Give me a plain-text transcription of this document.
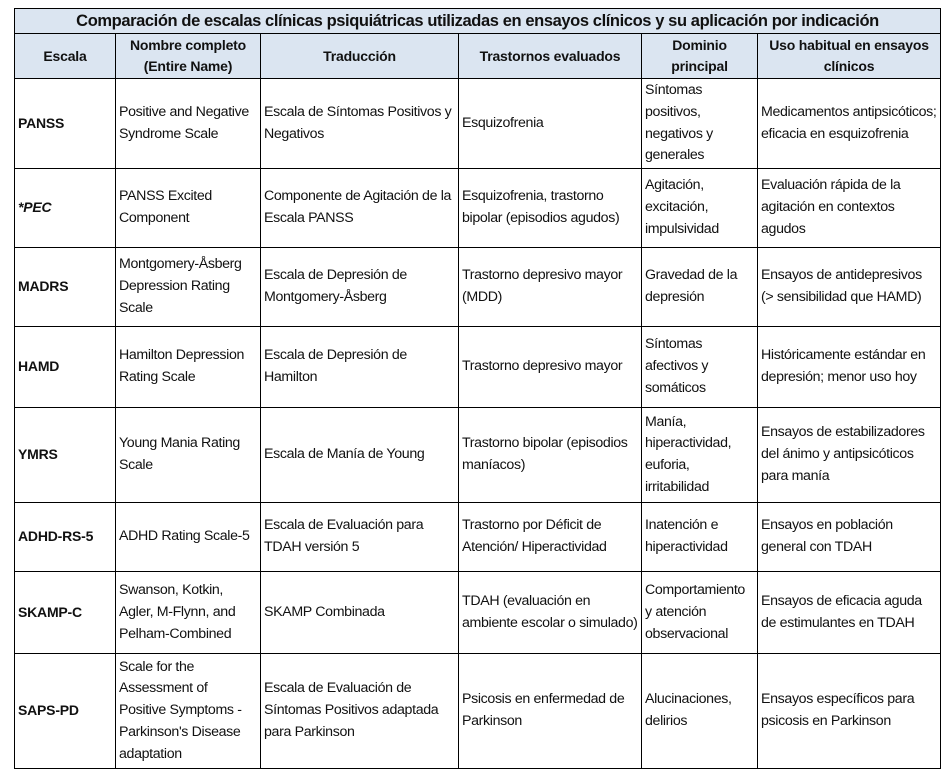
Comparación de escalas clínicas psiquiátricas utilizadas en ensayos clínicos y su aplicación por indicación					
Escala	Nombre completo (Entire Name)	Traducción	Trastornos evaluados	Dominio principal	Uso habitual en ensayos clínicos
PANSS	Positive and Negative Syndrome Scale	Escala de Síntomas Positivos y Negativos	Esquizofrenia	Síntomas positivos, negativos y generales	Medicamentos antipsicóticos; eficacia en esquizofrenia
*PEC	PANSS Excited Component	Componente de Agitación de la Escala PANSS	Esquizofrenia, trastorno bipolar (episodios agudos)	Agitación, excitación, impulsividad	Evaluación rápida de la agitación en contextos agudos
MADRS	Montgomery-Åsberg Depression Rating Scale	Escala de Depresión de Montgomery-Åsberg	Trastorno depresivo mayor (MDD)	Gravedad de la depresión	Ensayos de antidepresivos (> sensibilidad que HAMD)
HAMD	Hamilton Depression Rating Scale	Escala de Depresión de Hamilton	Trastorno depresivo mayor	Síntomas afectivos y somáticos	Históricamente estándar en depresión; menor uso hoy
YMRS	Young Mania Rating Scale	Escala de Manía de Young	Trastorno bipolar (episodios maníacos)	Manía, hiperactividad, euforia, irritabilidad	Ensayos de estabilizadores del ánimo y antipsicóticos para manía
ADHD-RS-5	ADHD Rating Scale-5	Escala de Evaluación para TDAH versión 5	Trastorno por Déficit de Atención/ Hiperactividad	Inatención e hiperactividad	Ensayos en población general con TDAH
SKAMP-C	Swanson, Kotkin, Agler, M-Flynn, and Pelham-Combined	SKAMP Combinada	TDAH (evaluación en ambiente escolar o simulado)	Comportamiento y atención observacional	Ensayos de eficacia aguda de estimulantes en TDAH
SAPS-PD	Scale for the Assessment of Positive Symptoms - Parkinson's Disease adaptation	Escala de Evaluación de Síntomas Positivos adaptada para Parkinson	Psicosis en enfermedad de Parkinson	Alucinaciones, delirios	Ensayos específicos para psicosis en Parkinson
